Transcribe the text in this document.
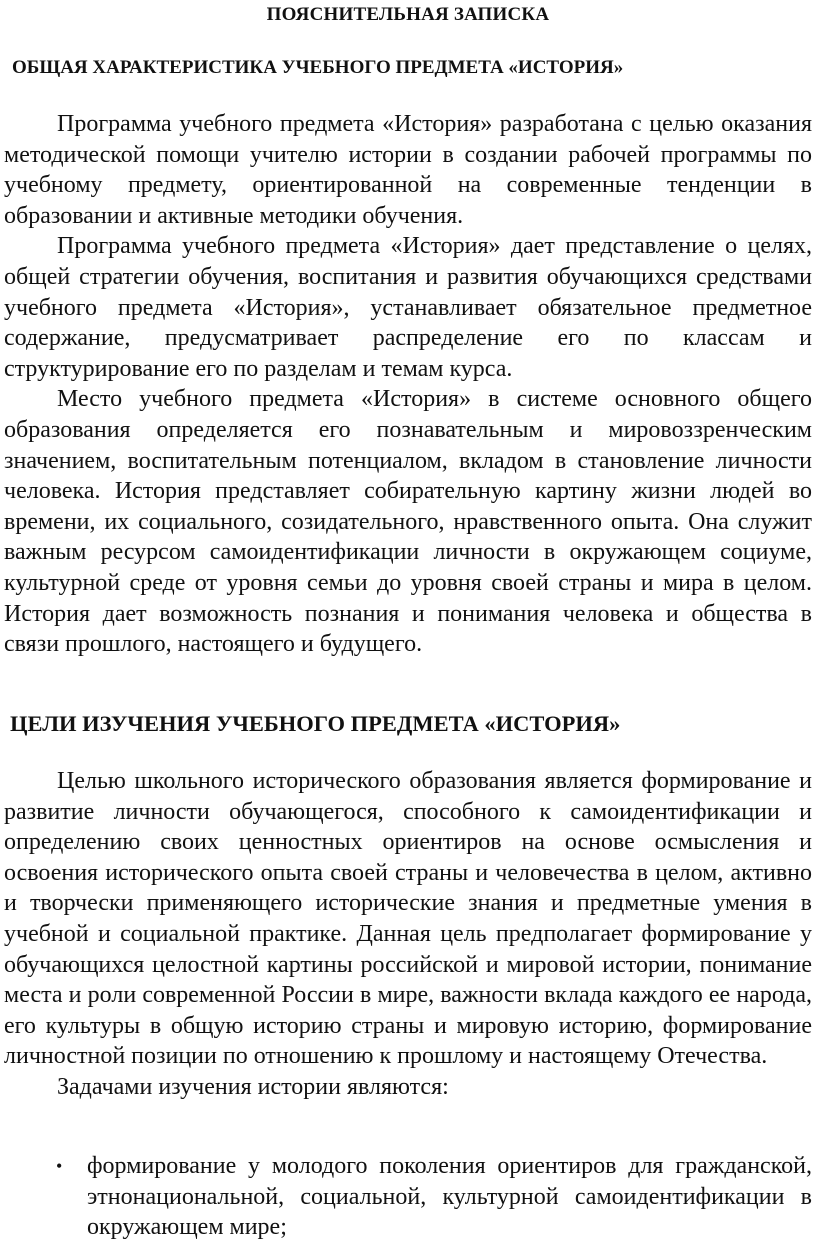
ПОЯСНИТЕЛЬНАЯ ЗАПИСКА
ОБЩАЯ ХАРАКТЕРИСТИКА УЧЕБНОГО ПРЕДМЕТА «ИСТОРИЯ»

Программа учебного предмета «История» разработана с целью оказания методической помощи учителю истории в создании рабочей программы по учебному предмету, ориентированной на современные тенденции в образовании и активные методики обучения.

Программа учебного предмета «История» дает представление о целях, общей стратегии обучения, воспитания и развития обучающихся средствами учебного предмета «История», устанавливает обязательное предметное содержание, предусматривает распределение его по классам и структурирование его по разделам и темам курса.

Место учебного предмета «История» в системе основного общего образования определяется его познавательным и мировоззренческим значением, воспитательным потенциалом, вкладом в становление личности человека. История представляет собирательную картину жизни людей во времени, их социального, созидательного, нравственного опыта. Она служит важным ресурсом самоидентификации личности в окружающем социуме, культурной среде от уровня семьи до уровня своей страны и мира в целом. История дает возможность познания и понимания человека и общества в связи прошлого, настоящего и будущего.

ЦЕЛИ ИЗУЧЕНИЯ УЧЕБНОГО ПРЕДМЕТА «ИСТОРИЯ»

Целью школьного исторического образования является формирование и развитие личности обучающегося, способного к самоидентификации и определению своих ценностных ориентиров на основе осмысления и освоения исторического опыта своей страны и человечества в целом, активно и творчески применяющего исторические знания и предметные умения в учебной и социальной практике. Данная цель предполагает формирование у обучающихся целостной картины российской и мировой истории, понимание места и роли современной России в мире, важности вклада каждого ее народа, его культуры в общую историю страны и мировую историю, формирование личностной позиции по отношению к прошлому и настоящему Отечества.

Задачами изучения истории являются:

• формирование у молодого поколения ориентиров для гражданской, этнонациональной, социальной, культурной самоидентификации в окружающем мире;
